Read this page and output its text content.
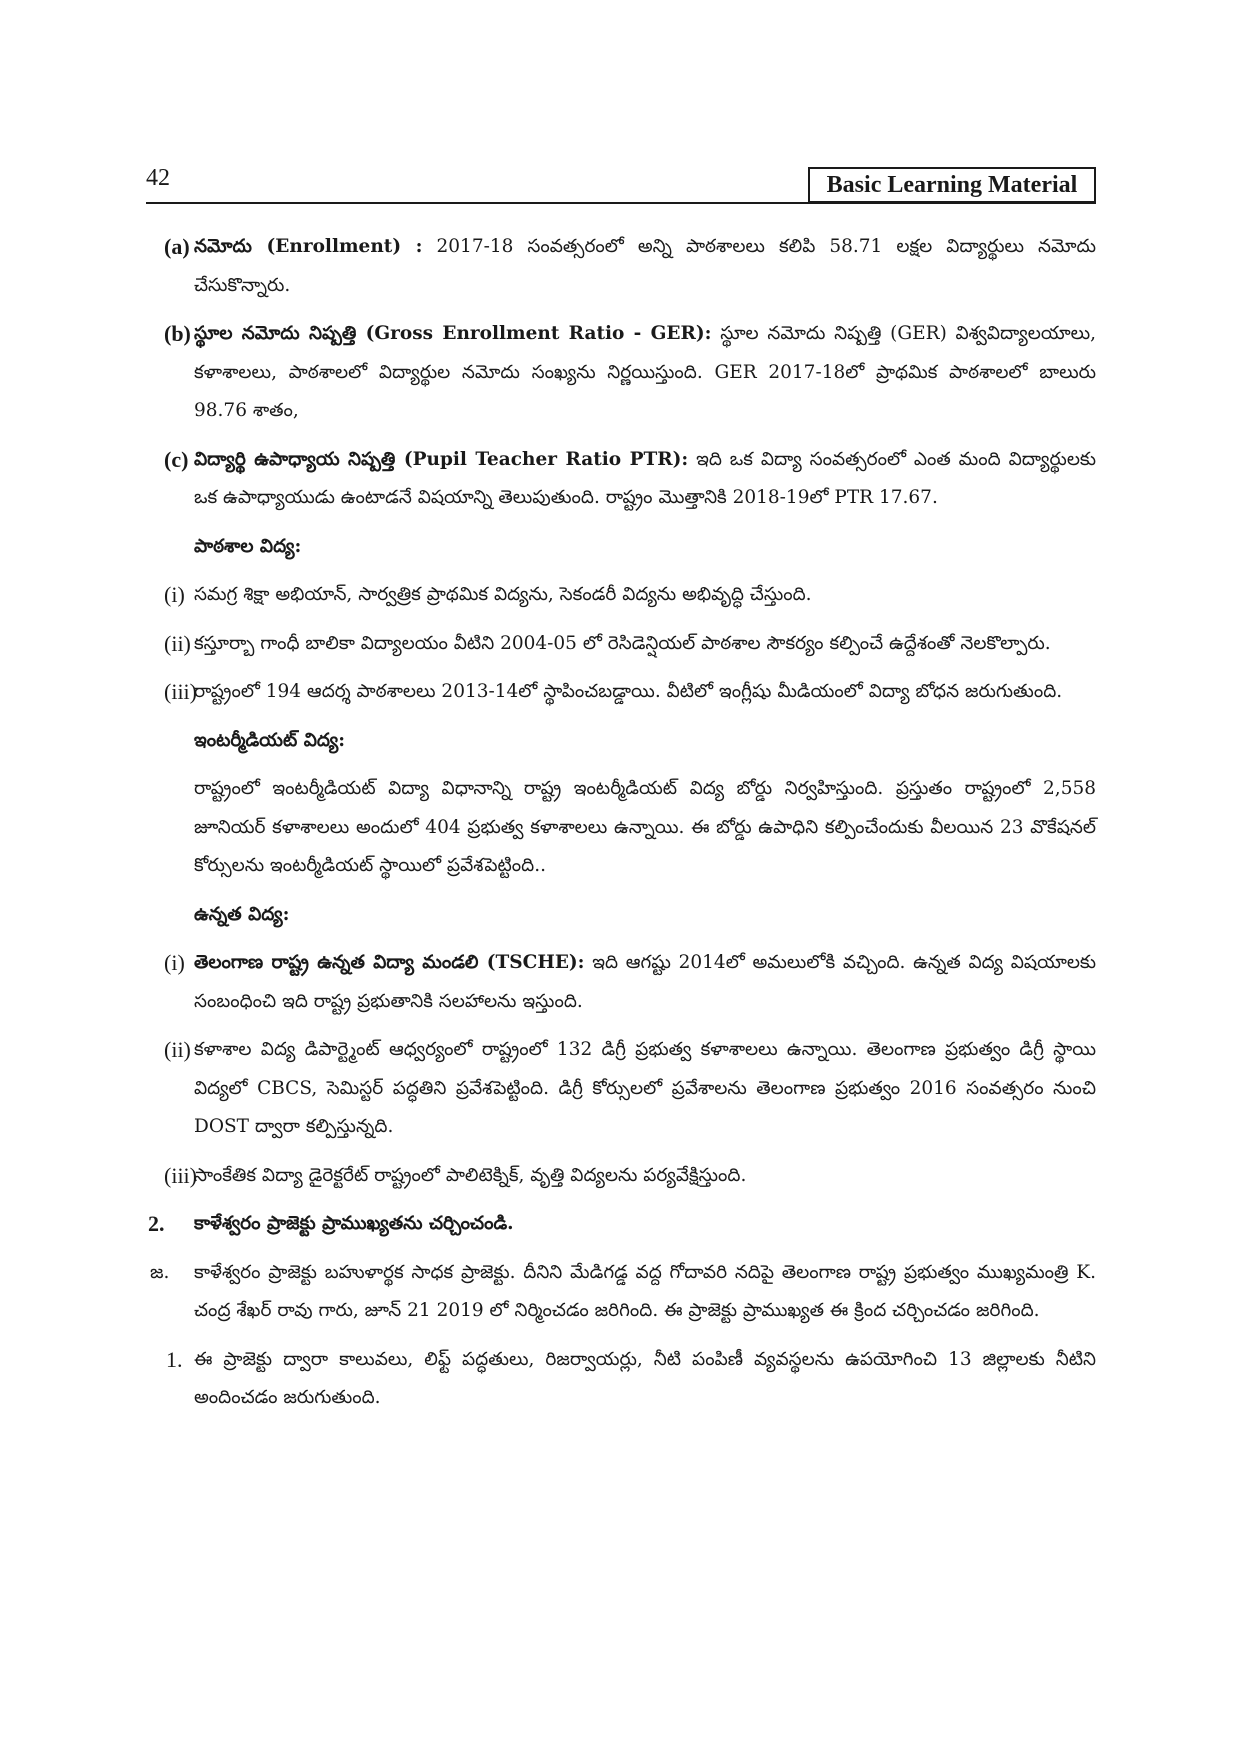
42	Basic Learning Material
(a) నమోదు (Enrollment) : 2017-18 సంవత్సరంలో అన్ని పాఠశాలలు కలిపి 58.71 లక్షల విద్యార్థులు నమోదు చేసుకొన్నారు.
(b) స్థూల నమోదు నిష్పత్తి (Gross Enrollment Ratio - GER): స్థూల నమోదు నిష్పత్తి (GER) విశ్వవిద్యాలయాలు, కళాశాలలు, పాఠశాలలో విద్యార్థుల నమోదు సంఖ్యను నిర్ణయిస్తుంది. GER 2017-18లో ప్రాథమిక పాఠశాలలో బాలురు 98.76 శాతం,
(c) విద్యార్థి ఉపాధ్యాయ నిష్పత్తి (Pupil Teacher Ratio PTR): ఇది ఒక విద్యా సంవత్సరంలో ఎంత మంది విద్యార్థులకు ఒక ఉపాధ్యాయుడు ఉంటాడనే విషయాన్ని తెలుపుతుంది. రాష్ట్రం మొత్తానికి 2018-19లో PTR 17.67.
పాఠశాల విద్య:
(i) సమగ్ర శిక్షా అభియాన్, సార్వత్రిక ప్రాథమిక విద్యను, సెకండరీ విద్యను అభివృద్ధి చేస్తుంది.
(ii) కస్తూర్బా గాంధీ బాలికా విద్యాలయం వీటిని 2004-05 లో రెసిడెన్షియల్ పాఠశాల సౌకర్యం కల్పించే ఉద్దేశంతో నెలకొల్పారు.
(iii)
రాష్ట్రంలో 194 ఆదర్శ పాఠశాలలు 2013-14లో స్థాపించబడ్డాయి. వీటిలో ఇంగ్లీషు మీడియంలో విద్యా బోధన జరుగుతుంది.
ఇంటర్మీడియట్ విద్య:
రాష్ట్రంలో ఇంటర్మీడియట్ విద్యా విధానాన్ని రాష్ట్ర ఇంటర్మీడియట్ విద్య బోర్డు నిర్వహిస్తుంది. ప్రస్తుతం రాష్ట్రంలో 2,558 జూనియర్ కళాశాలలు అందులో 404 ప్రభుత్వ కళాశాలలు ఉన్నాయి. ఈ బోర్డు ఉపాధిని కల్పించేందుకు వీలయిన 23 వొకేషనల్ కోర్సులను ఇంటర్మీడియట్ స్థాయిలో ప్రవేశపెట్టింది..
ఉన్నత విద్య:
(i) తెలంగాణ రాష్ట్ర ఉన్నత విద్యా మండలి (TSCHE): ఇది ఆగష్టు 2014లో అమలులోకి వచ్చింది. ఉన్నత విద్య విషయాలకు సంబంధించి ఇది రాష్ట్ర ప్రభుతానికి సలహాలను ఇస్తుంది.
(ii) కళాశాల విద్య డిపార్ట్మెంట్ ఆధ్వర్యంలో రాష్ట్రంలో 132 డిగ్రీ ప్రభుత్వ కళాశాలలు ఉన్నాయి. తెలంగాణ ప్రభుత్వం డిగ్రీ స్థాయి విద్యలో CBCS, సెమిస్టర్ పద్ధతిని ప్రవేశపెట్టింది. డిగ్రీ కోర్సులలో ప్రవేశాలను తెలంగాణ ప్రభుత్వం 2016 సంవత్సరం నుంచి DOST ద్వారా కల్పిస్తున్నది.
(iii)
సాంకేతిక విద్యా డైరెక్టరేట్ రాష్ట్రంలో పాలిటెక్నిక్, వృత్తి విద్యలను పర్యవేక్షిస్తుంది.
2. కాళేశ్వరం ప్రాజెక్టు ప్రాముఖ్యతను చర్చించండి.
జ. కాళేశ్వరం ప్రాజెక్టు బహుళార్థక సాధక ప్రాజెక్టు. దీనిని మేడిగడ్డ వద్ద గోదావరి నదిపై తెలంగాణ రాష్ట్ర ప్రభుత్వం ముఖ్యమంత్రి K. చంద్ర శేఖర్ రావు గారు, జూన్ 21 2019 లో నిర్మించడం జరిగింది. ఈ ప్రాజెక్టు ప్రాముఖ్యత ఈ క్రింద చర్చించడం జరిగింది.
1. ఈ ప్రాజెక్టు ద్వారా కాలువలు, లిఫ్ట్ పద్ధతులు, రిజర్వాయర్లు, నీటి పంపిణీ వ్యవస్థలను ఉపయోగించి 13 జిల్లాలకు నీటిని అందించడం జరుగుతుంది.
